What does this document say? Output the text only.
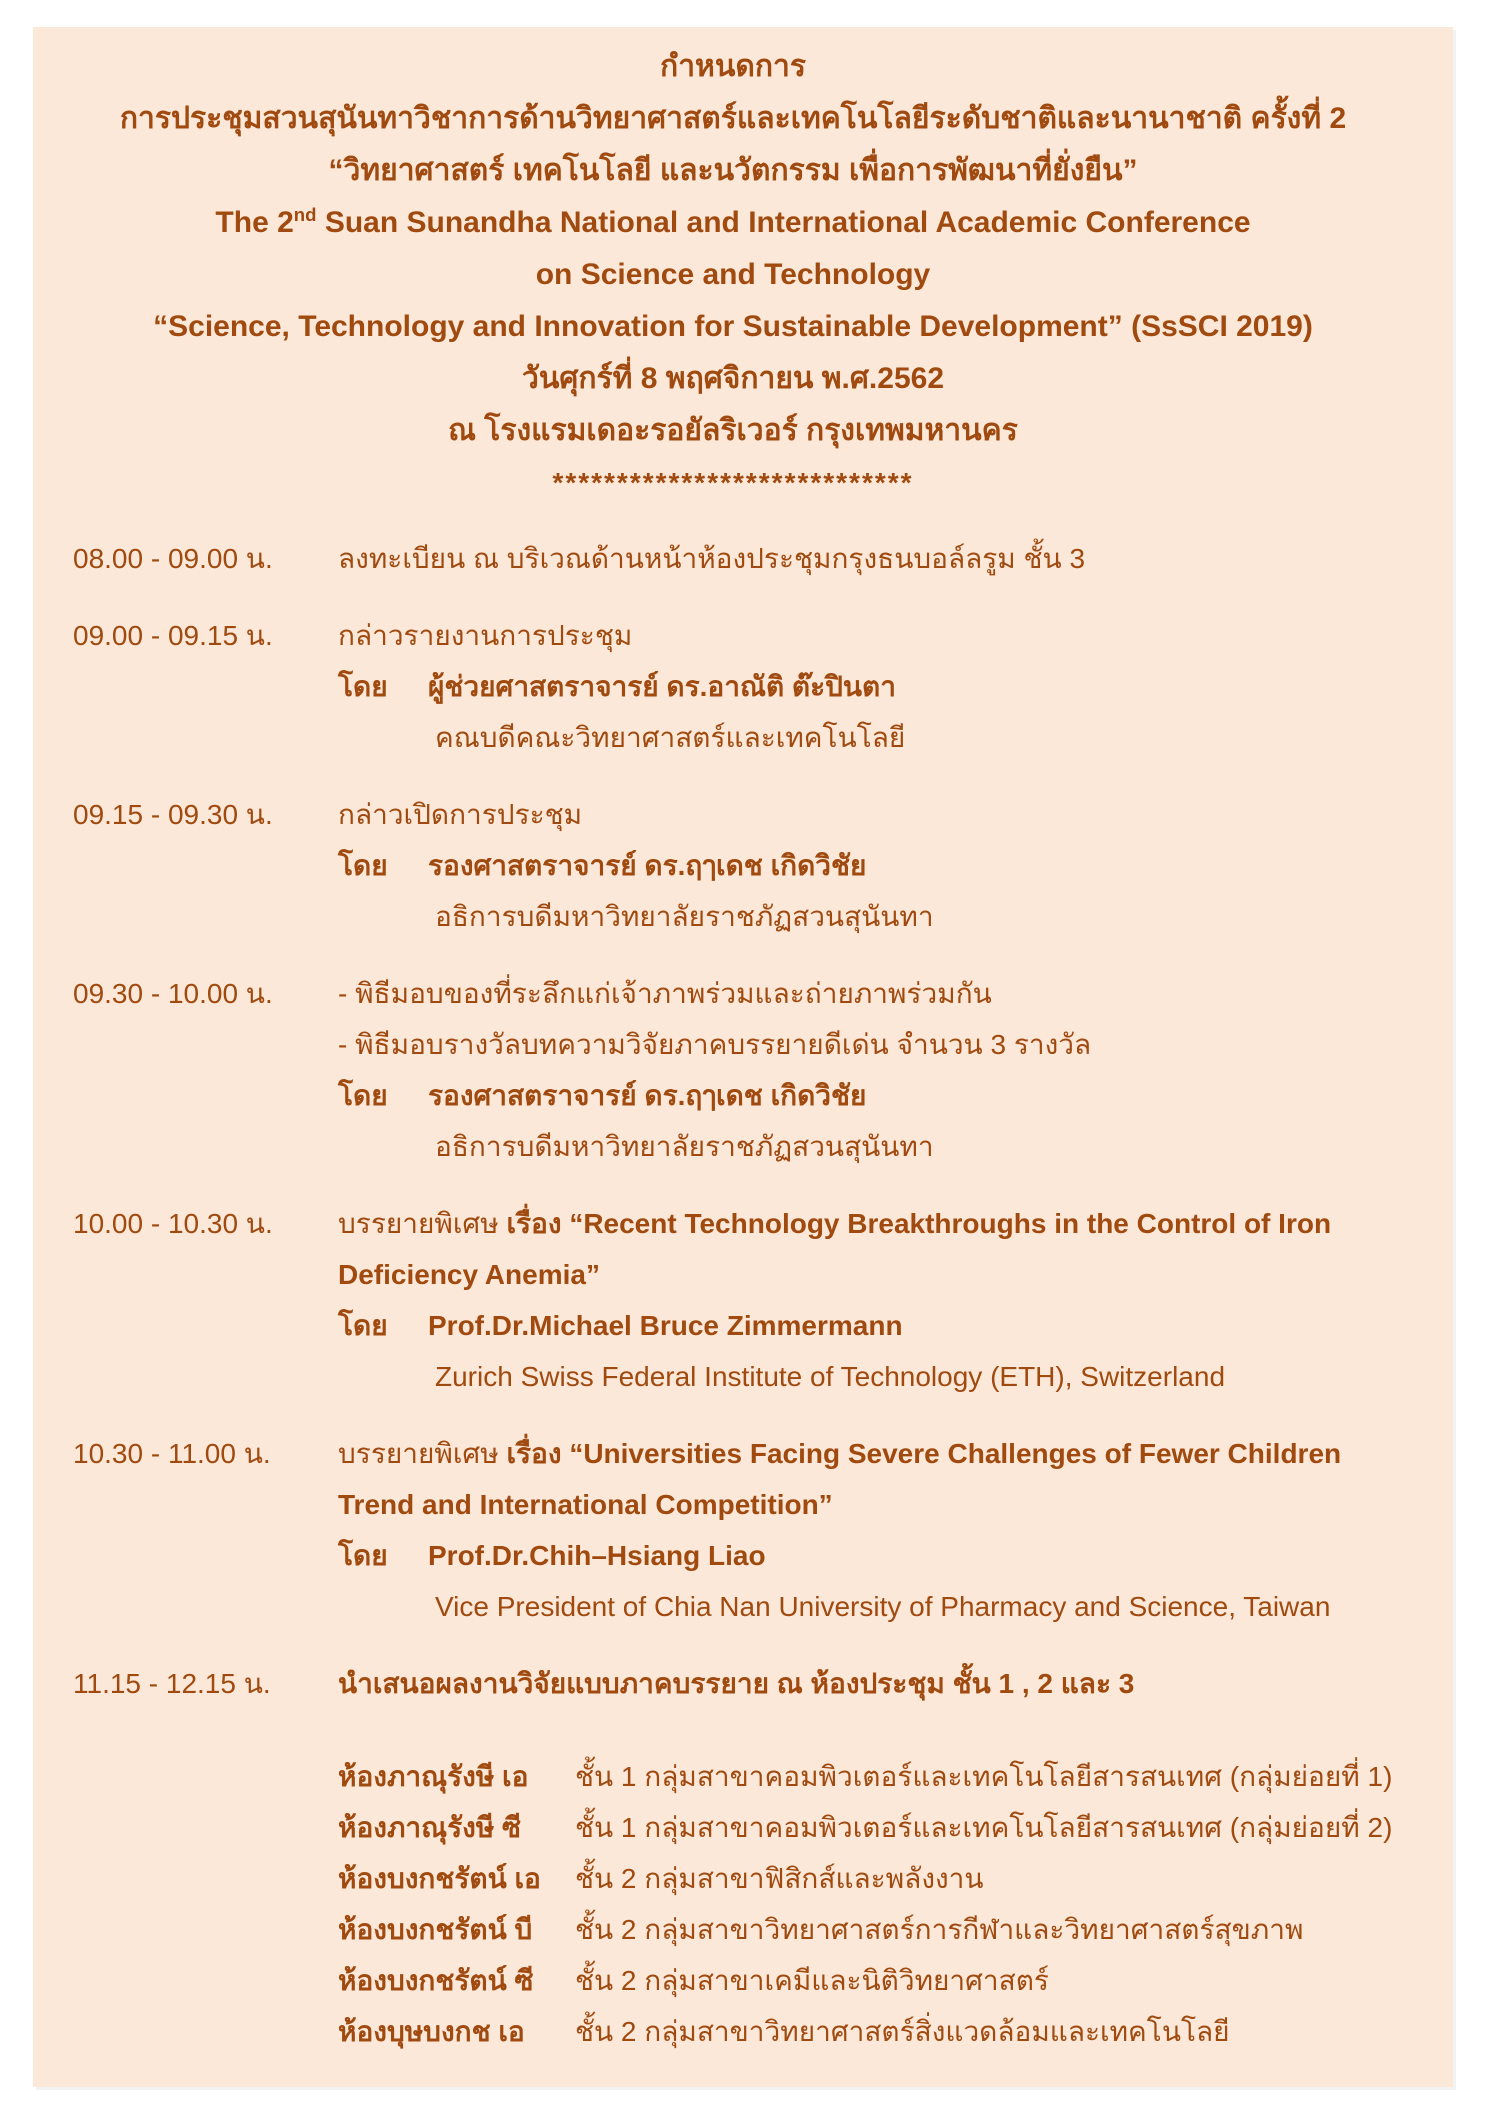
กำหนดการ
การประชุมสวนสุนันทาวิชาการด้านวิทยาศาสตร์และเทคโนโลยีระดับชาติและนานาชาติ ครั้งที่ 2
“วิทยาศาสตร์ เทคโนโลยี และนวัตกรรม เพื่อการพัฒนาที่ยั่งยืน”
The 2nd Suan Sunandha National and International Academic Conference
on Science and Technology
“Science, Technology and Innovation for Sustainable Development” (SsSCI 2019)
วันศุกร์ที่ 8 พฤศจิกายน พ.ศ.2562
ณ โรงแรมเดอะรอยัลริเวอร์ กรุงเทพมหานคร
****************************
08.00 - 09.00 น.	ลงทะเบียน ณ บริเวณด้านหน้าห้องประชุมกรุงธนบอล์ลรูม ชั้น 3
09.00 - 09.15 น.	กล่าวรายงานการประชุม
โดย ผู้ช่วยศาสตราจารย์ ดร.อาณัติ ต๊ะปินตา
คณบดีคณะวิทยาศาสตร์และเทคโนโลยี
09.15 - 09.30 น.	กล่าวเปิดการประชุม
โดย รองศาสตราจารย์ ดร.ฤๅเดช เกิดวิชัย
อธิการบดีมหาวิทยาลัยราชภัฏสวนสุนันทา
09.30 - 10.00 น.	- พิธีมอบของที่ระลึกแก่เจ้าภาพร่วมและถ่ายภาพร่วมกัน
- พิธีมอบรางวัลบทความวิจัยภาคบรรยายดีเด่น จำนวน 3 รางวัล
โดย รองศาสตราจารย์ ดร.ฤๅเดช เกิดวิชัย
อธิการบดีมหาวิทยาลัยราชภัฏสวนสุนันทา
10.00 - 10.30 น.	บรรยายพิเศษ เรื่อง “Recent Technology Breakthroughs in the Control of Iron Deficiency Anemia”
โดย Prof.Dr.Michael Bruce Zimmermann
Zurich Swiss Federal Institute of Technology (ETH), Switzerland
10.30 - 11.00 น.	บรรยายพิเศษ เรื่อง “Universities Facing Severe Challenges of Fewer Children Trend and International Competition”
โดย Prof.Dr.Chih–Hsiang Liao
Vice President of Chia Nan University of Pharmacy and Science, Taiwan
11.15 - 12.15 น.	นำเสนอผลงานวิจัยแบบภาคบรรยาย ณ ห้องประชุม ชั้น 1 , 2 และ 3
ห้องภาณุรังษี เอ	ชั้น 1 กลุ่มสาขาคอมพิวเตอร์และเทคโนโลยีสารสนเทศ (กลุ่มย่อยที่ 1)
ห้องภาณุรังษี ซี	ชั้น 1 กลุ่มสาขาคอมพิวเตอร์และเทคโนโลยีสารสนเทศ (กลุ่มย่อยที่ 2)
ห้องบงกชรัตน์ เอ	ชั้น 2 กลุ่มสาขาฟิสิกส์และพลังงาน
ห้องบงกชรัตน์ บี	ชั้น 2 กลุ่มสาขาวิทยาศาสตร์การกีฬาและวิทยาศาสตร์สุขภาพ
ห้องบงกชรัตน์ ซี	ชั้น 2 กลุ่มสาขาเคมีและนิติวิทยาศาสตร์
ห้องบุษบงกช เอ	ชั้น 2 กลุ่มสาขาวิทยาศาสตร์สิ่งแวดล้อมและเทคโนโลยี
